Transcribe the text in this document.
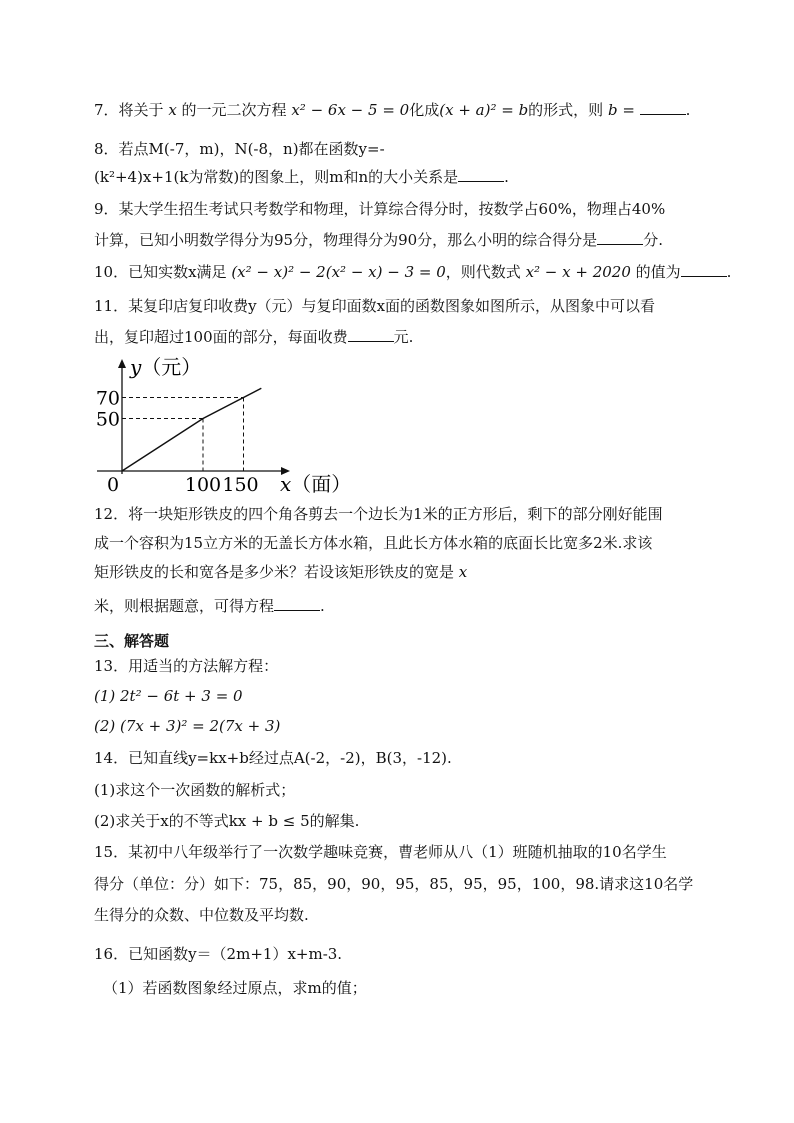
7．将关于 x 的一元二次方程 x² − 6x − 5 = 0化成(x + a)² = b的形式，则 b =	.
8．若点M(-7，m)，N(-8，n)都在函数y=-
(k²+4)x+1(k为常数)的图象上，则m和n的大小关系是	.
9．某大学生招生考试只考数学和物理，计算综合得分时，按数学占60%，物理占40%
计算，已知小明数学得分为95分，物理得分为90分，那么小明的综合得分是	分.
10．已知实数x满足 (x² − x)² − 2(x² − x) − 3 = 0，则代数式 x² − x + 2020 的值为	.
11．某复印店复印收费y（元）与复印面数x面的函数图象如图所示，从图象中可以看
出，复印超过100面的部分，每面收费	元.
0	100 150
50
70
y（元）
x（面）
12．将一块矩形铁皮的四个角各剪去一个边长为1米的正方形后，剩下的部分刚好能围
成一个容积为15立方米的无盖长方体水箱，且此长方体水箱的底面长比宽多2米.求该
矩形铁皮的长和宽各是多少米？若设该矩形铁皮的宽是 x
米，则根据题意，可得方程	.
三、解答题
13．用适当的方法解方程：
(1) 2t² − 6t + 3 = 0
(2) (7x + 3)² = 2(7x + 3)
14．已知直线y=kx+b经过点A(-2，-2)，B(3，-12).
(1)求这个一次函数的解析式；
(2)求关于x的不等式kx + b ≤ 5的解集.
15．某初中八年级举行了一次数学趣味竞赛，曹老师从八（1）班随机抽取的10名学生
得分（单位：分）如下：75，85，90，90，95，85，95，95，100，98.请求这10名学
生得分的众数、中位数及平均数.
16．已知函数y＝（2m+1）x+m-3.
（1）若函数图象经过原点，求m的值；
